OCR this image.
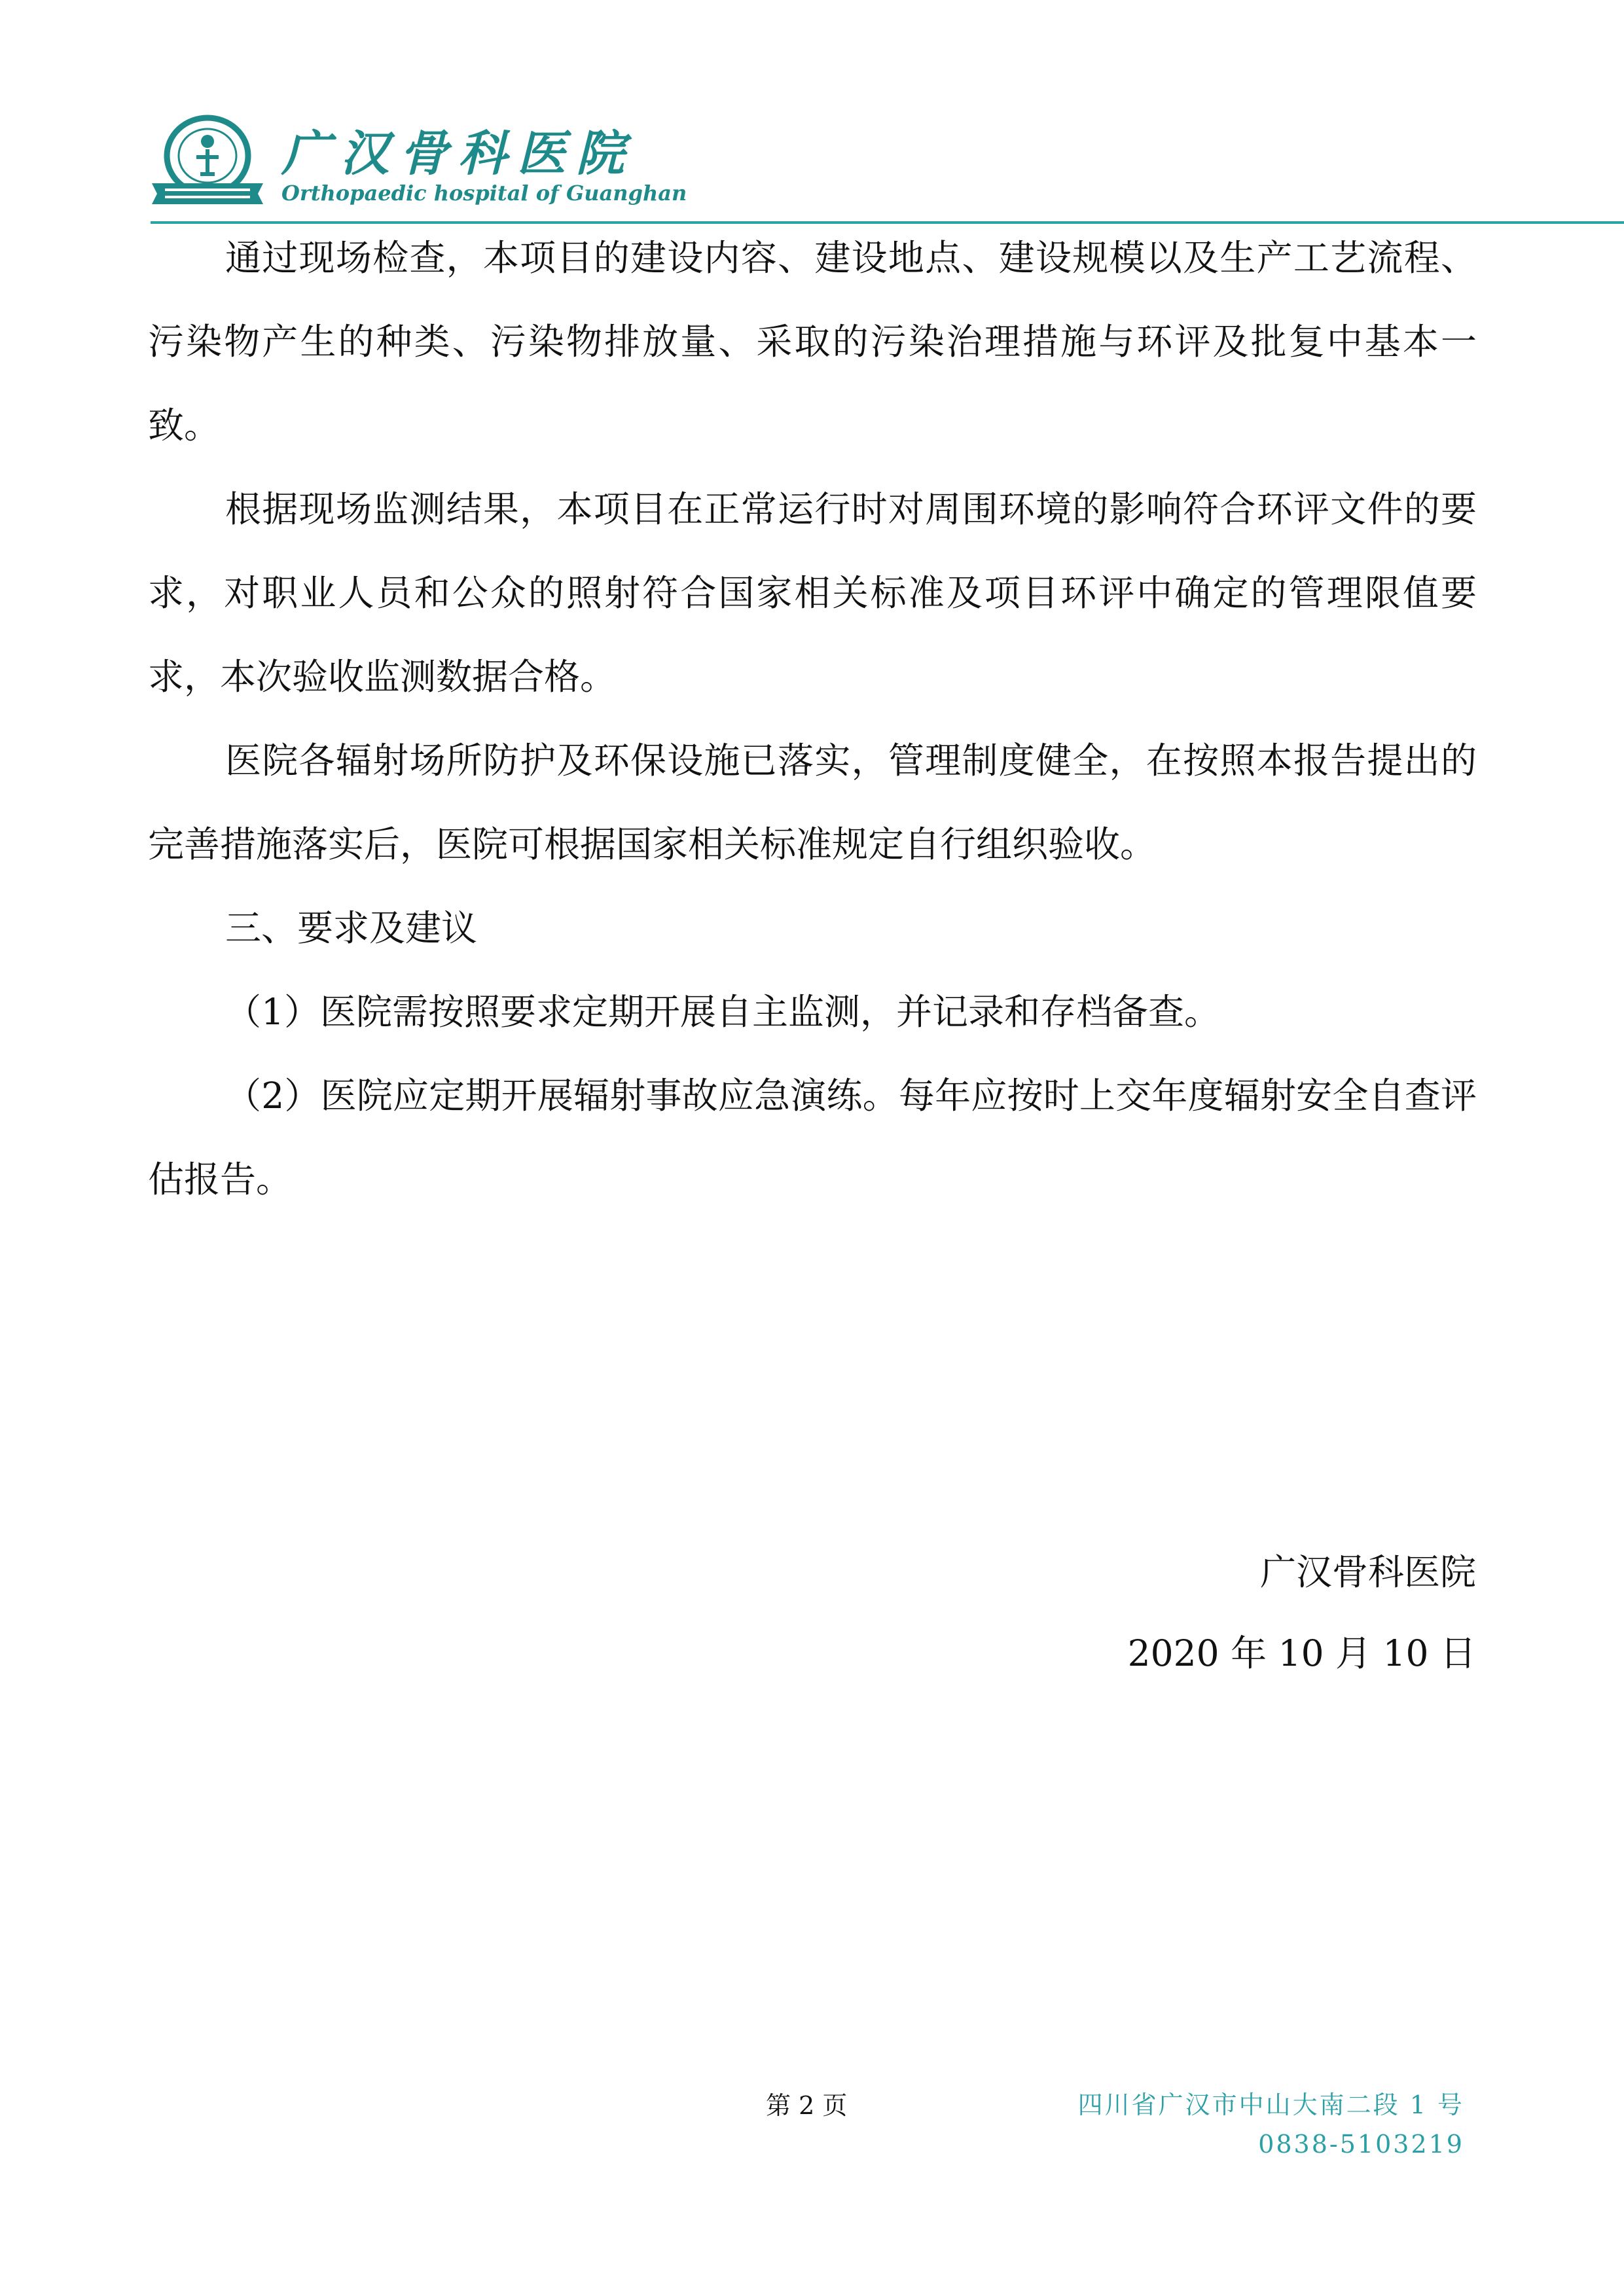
广汉骨科医院
Orthopaedic hospital of Guanghan

通过现场检查，本项目的建设内容、建设地点、建设规模以及生产工艺流程、污染物产生的种类、污染物排放量、采取的污染治理措施与环评及批复中基本一致。

根据现场监测结果，本项目在正常运行时对周围环境的影响符合环评文件的要求，对职业人员和公众的照射符合国家相关标准及项目环评中确定的管理限值要求，本次验收监测数据合格。

医院各辐射场所防护及环保设施已落实，管理制度健全，在按照本报告提出的完善措施落实后，医院可根据国家相关标准规定自行组织验收。

三、要求及建议

（1）医院需按照要求定期开展自主监测，并记录和存档备查。

（2）医院应定期开展辐射事故应急演练。每年应按时上交年度辐射安全自查评估报告。

广汉骨科医院
2020 年 10 月 10 日
第 2 页	四川省广汉市中山大南二段 1 号
0838-5103219
